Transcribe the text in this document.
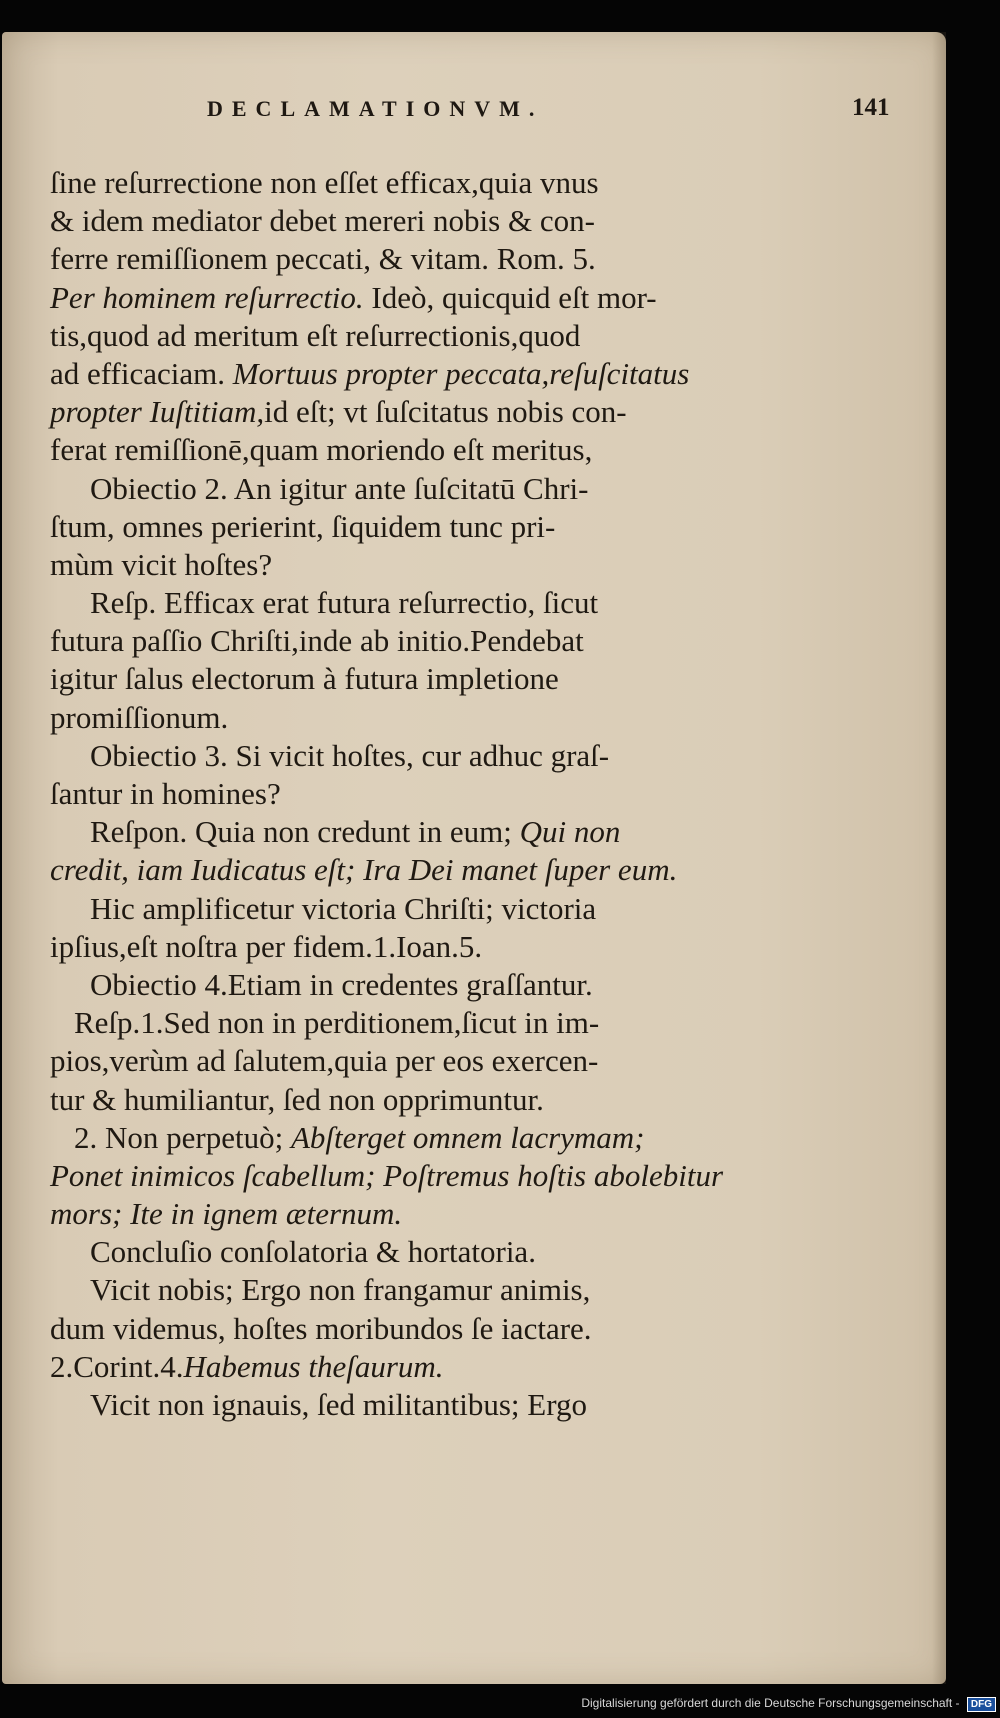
DECLAMATIONVM.	141
ſine reſurrectione non eſſet efficax,quia vnus
& idem mediator debet mereri nobis & con-
ferre remiſſionem peccati, & vitam. Rom. 5.
Per hominem reſurrectio. Ideò, quicquid eſt mor-
tis,quod ad meritum eſt reſurrectionis,quod
ad efficaciam. Mortuus propter peccata,reſuſcitatus
propter Iuſtitiam,id eſt; vt ſuſcitatus nobis con-
ferat remiſſionē,quam moriendo eſt meritus,
Obiectio 2. An igitur ante ſuſcitatū Chri-
ſtum, omnes perierint, ſiquidem tunc pri-
mùm vicit hoſtes?
Reſp. Efficax erat futura reſurrectio, ſicut
futura paſſio Chriſti,inde ab initio.Pendebat
igitur ſalus electorum à futura impletione
promiſſionum.
Obiectio 3. Si vicit hoſtes, cur adhuc graſ-
ſantur in homines?
Reſpon. Quia non credunt in eum; Qui non
credit, iam Iudicatus eſt; Ira Dei manet ſuper eum.
Hic amplificetur victoria Chriſti; victoria
ipſius,eſt noſtra per fidem.1.Ioan.5.
Obiectio 4.Etiam in credentes graſſantur.
Reſp.1.Sed non in perditionem,ſicut in im-
pios,verùm ad ſalutem,quia per eos exercen-
tur & humiliantur, ſed non opprimuntur.
2. Non perpetuò; Abſterget omnem lacrymam;
Ponet inimicos ſcabellum; Poſtremus hoſtis abolebitur
mors; Ite in ignem æternum.
Concluſio conſolatoria & hortatoria.
Vicit nobis; Ergo non frangamur animis,
dum videmus, hoſtes moribundos ſe iactare.
2.Corint.4.Habemus theſaurum.
Vicit non ignauis, ſed militantibus; Ergo
Digitalisierung gefördert durch die Deutsche Forschungsgemeinschaft - DFG
